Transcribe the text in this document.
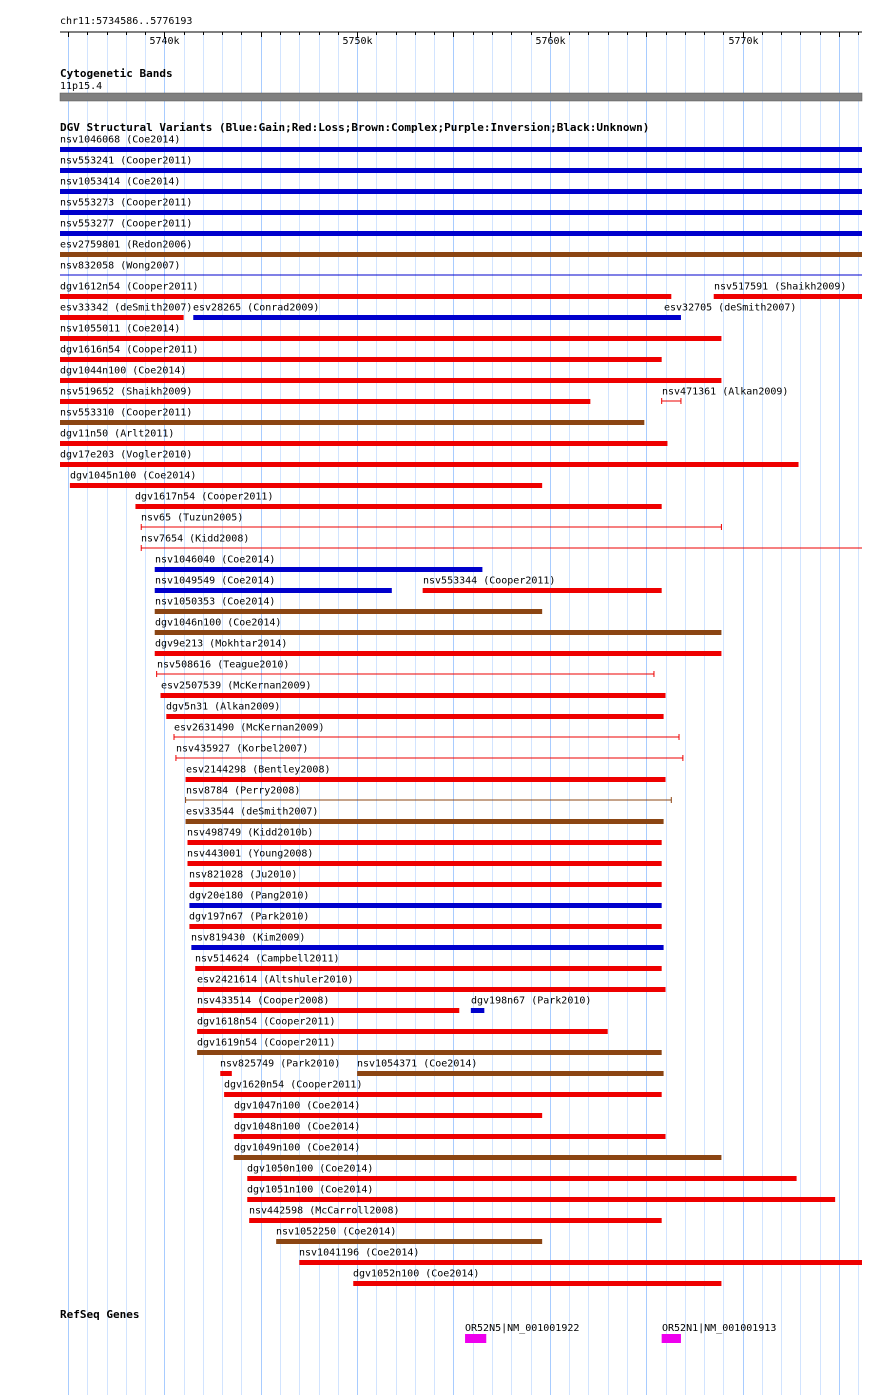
chr11:5734586..5776193
5740k	5750k	5760k	5770k
Cytogenetic Bands
11p15.4
DGV Structural Variants (Blue:Gain;Red:Loss;Brown:Complex;Purple:Inversion;Black:Unknown)
nsv1046068 (Coe2014)
nsv553241 (Cooper2011)
nsv1053414 (Coe2014)
nsv553273 (Cooper2011)
nsv553277 (Cooper2011)
esv2759801 (Redon2006)
nsv832058 (Wong2007)
dgv1612n54 (Cooper2011)	nsv517591 (Shaikh2009)
esv33342 (deSmith2007) esv28265 (Conrad2009)	esv32705 (deSmith2007)
nsv1055011 (Coe2014)
dgv1616n54 (Cooper2011)
dgv1044n100 (Coe2014)
nsv519652 (Shaikh2009)	nsv471361 (Alkan2009)
nsv553310 (Cooper2011)
dgv11n50 (Arlt2011)
dgv17e203 (Vogler2010)
dgv1045n100 (Coe2014)
dgv1617n54 (Cooper2011)
nsv65 (Tuzun2005)
nsv7654 (Kidd2008)
nsv1046040 (Coe2014)
nsv1049549 (Coe2014)	nsv553344 (Cooper2011)
nsv1050353 (Coe2014)
dgv1046n100 (Coe2014)
dgv9e213 (Mokhtar2014)
nsv508616 (Teague2010)
esv2507539 (McKernan2009)
dgv5n31 (Alkan2009)
esv2631490 (McKernan2009)
nsv435927 (Korbel2007)
esv2144298 (Bentley2008)
nsv8784 (Perry2008)
esv33544 (deSmith2007)
nsv498749 (Kidd2010b)
nsv443001 (Young2008)
nsv821028 (Ju2010)
dgv20e180 (Pang2010)
dgv197n67 (Park2010)
nsv819430 (Kim2009)
nsv514624 (Campbell2011)
esv2421614 (Altshuler2010)
nsv433514 (Cooper2008)	dgv198n67 (Park2010)
dgv1618n54 (Cooper2011)
dgv1619n54 (Cooper2011)
nsv825749 (Park2010) nsv1054371 (Coe2014)
dgv1620n54 (Cooper2011)
dgv1047n100 (Coe2014)
dgv1048n100 (Coe2014)
dgv1049n100 (Coe2014)
dgv1050n100 (Coe2014)
dgv1051n100 (Coe2014)
nsv442598 (McCarroll2008)
nsv1052250 (Coe2014)
nsv1041196 (Coe2014)
dgv1052n100 (Coe2014)
RefSeq Genes
OR52N5|NM_001001922	OR52N1|NM_001001913
